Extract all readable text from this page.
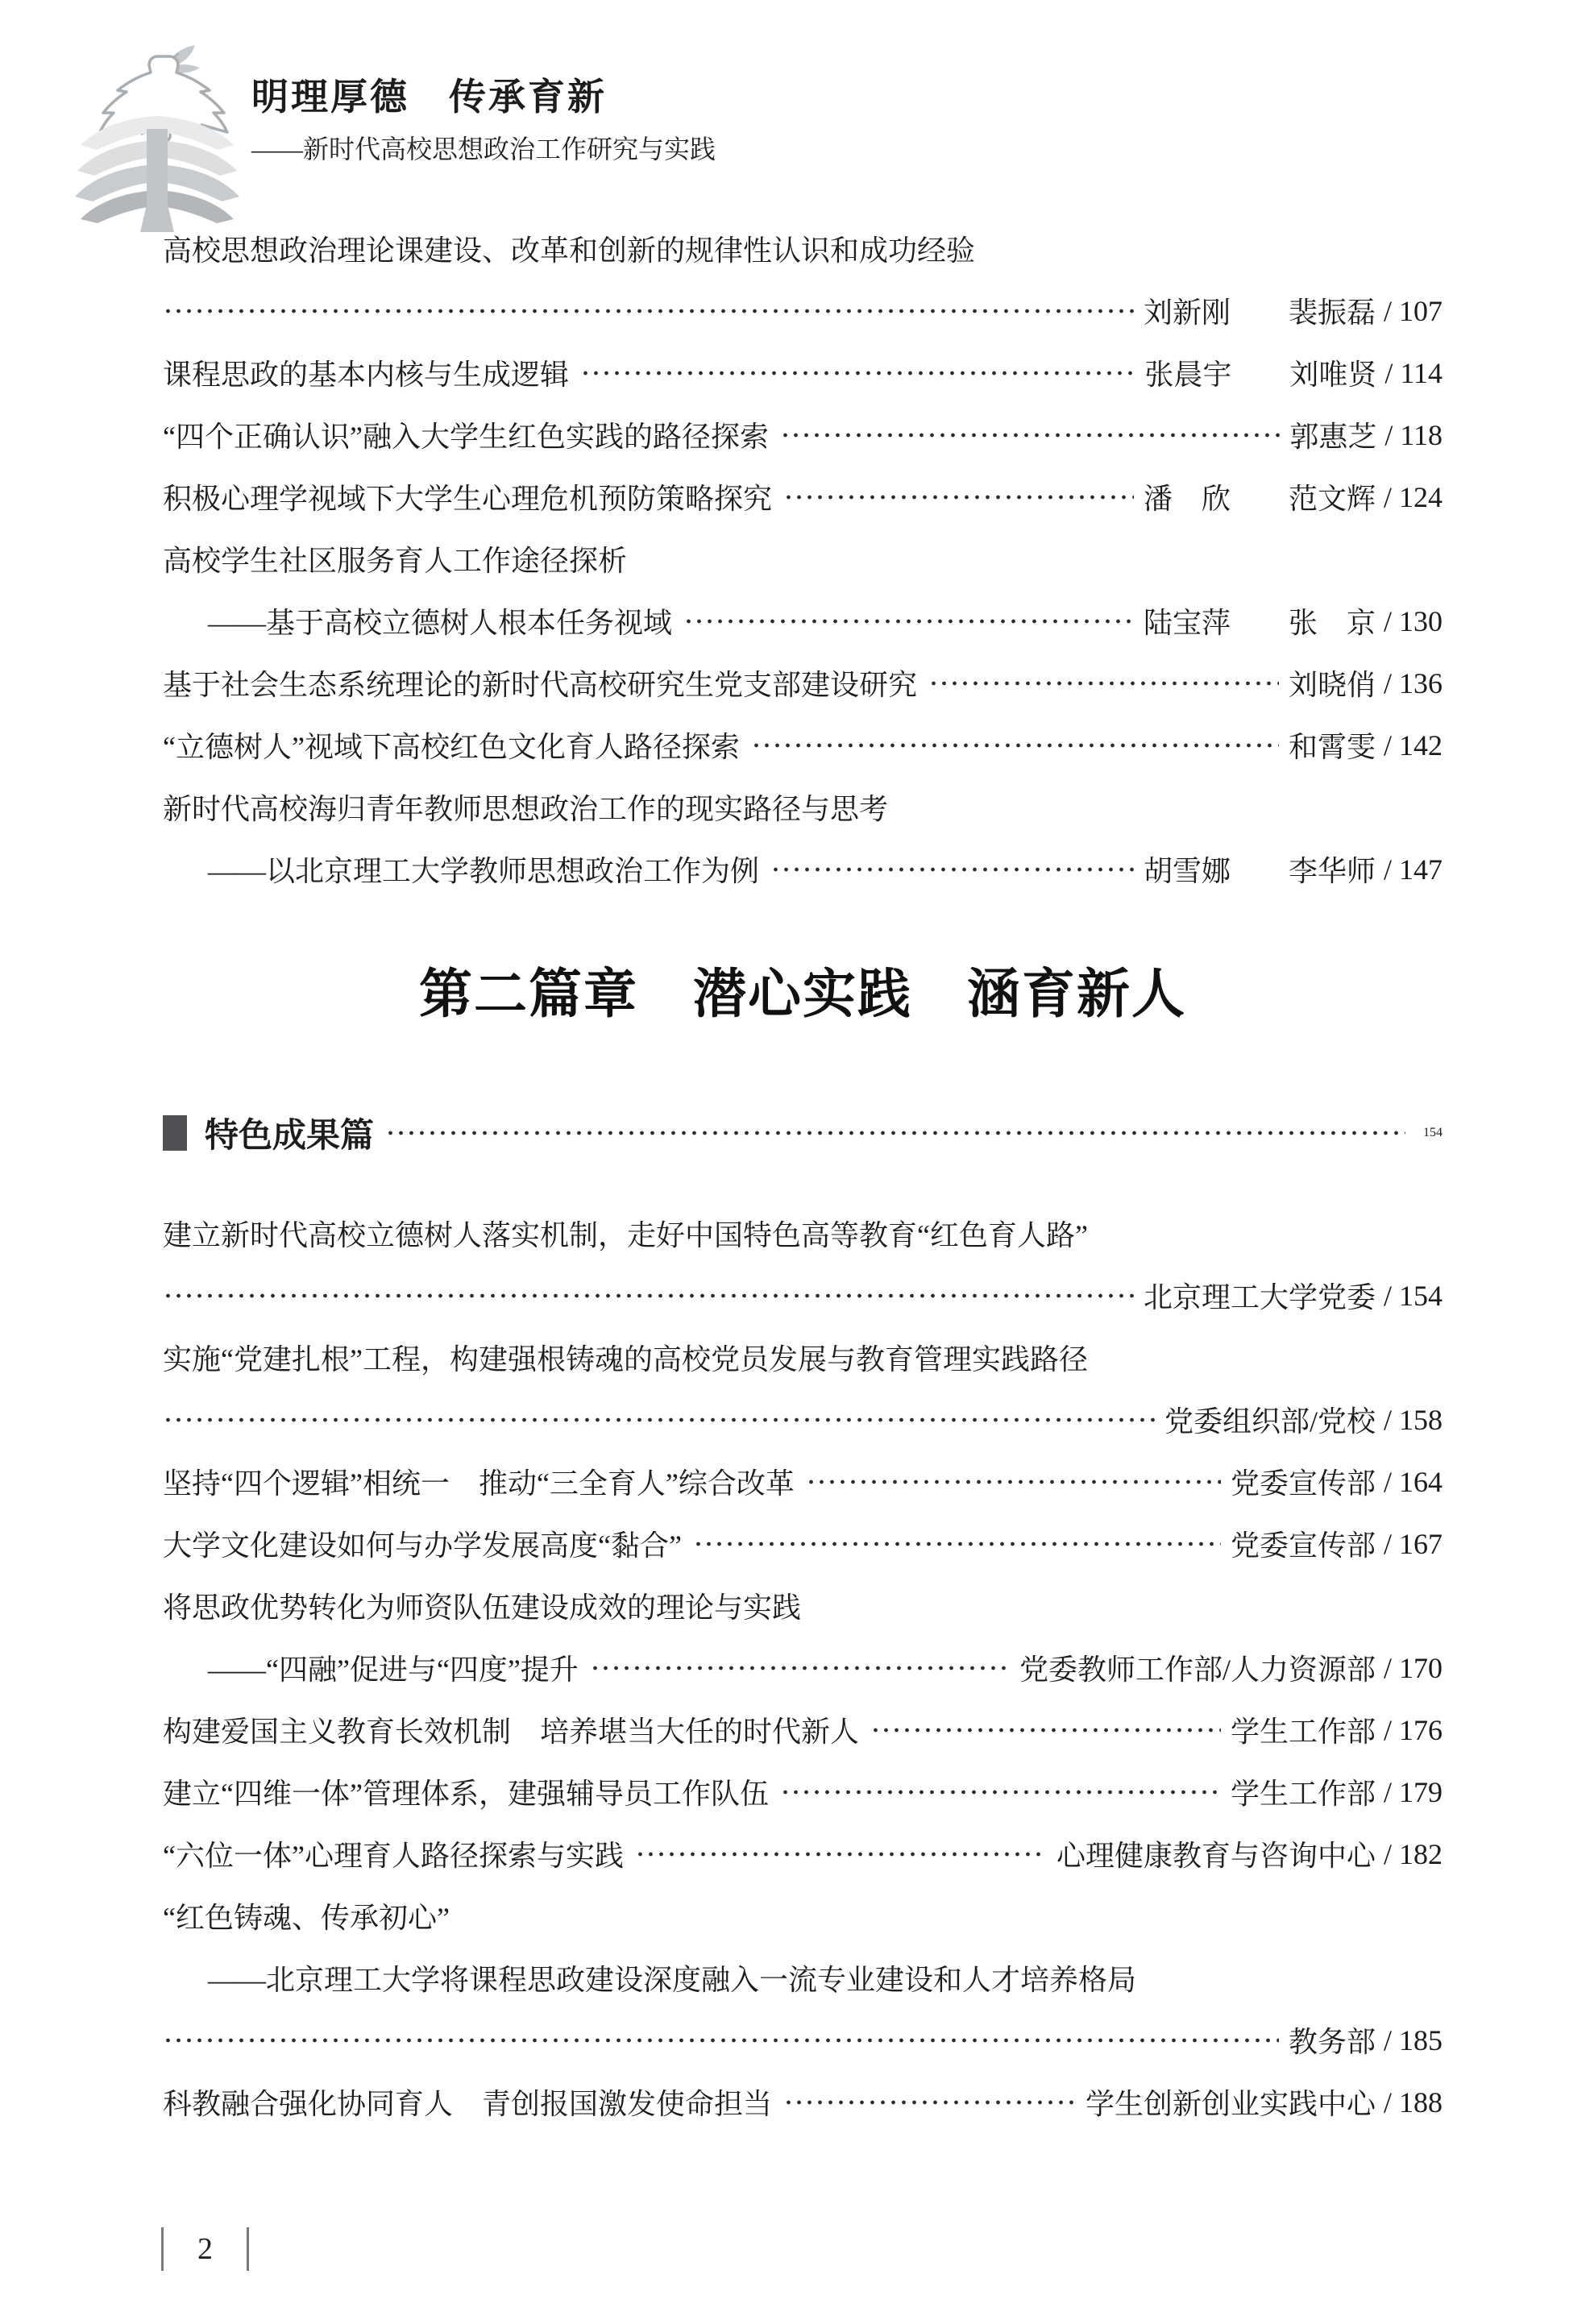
明理厚德　传承育新
——新时代高校思想政治工作研究与实践
高校思想政治理论课建设、改革和创新的规律性认识和成功经验
刘新刚　　裴振磊 / 107
课程思政的基本内核与生成逻辑	张晨宇　　刘唯贤 / 114
“四个正确认识”融入大学生红色实践的路径探索	郭惠芝 / 118
积极心理学视域下大学生心理危机预防策略探究	潘　欣　　范文辉 / 124
高校学生社区服务育人工作途径探析
——基于高校立德树人根本任务视域	陆宝萍　　张　京 / 130
基于社会生态系统理论的新时代高校研究生党支部建设研究	刘晓俏 / 136
“立德树人”视域下高校红色文化育人路径探索	和霄雯 / 142
新时代高校海归青年教师思想政治工作的现实路径与思考
——以北京理工大学教师思想政治工作为例	胡雪娜　　李华师 / 147
第二篇章　潜心实践　涵育新人
特色成果篇	154
建立新时代高校立德树人落实机制，走好中国特色高等教育“红色育人路”
北京理工大学党委 / 154
实施“党建扎根”工程，构建强根铸魂的高校党员发展与教育管理实践路径
党委组织部/党校 / 158
坚持“四个逻辑”相统一　推动“三全育人”综合改革	党委宣传部 / 164
大学文化建设如何与办学发展高度“黏合”	党委宣传部 / 167
将思政优势转化为师资队伍建设成效的理论与实践
——“四融”促进与“四度”提升	党委教师工作部/人力资源部 / 170
构建爱国主义教育长效机制　培养堪当大任的时代新人	学生工作部 / 176
建立“四维一体”管理体系，建强辅导员工作队伍	学生工作部 / 179
“六位一体”心理育人路径探索与实践	心理健康教育与咨询中心 / 182
“红色铸魂、传承初心”
——北京理工大学将课程思政建设深度融入一流专业建设和人才培养格局
教务部 / 185
科教融合强化协同育人　青创报国激发使命担当	学生创新创业实践中心 / 188
2
